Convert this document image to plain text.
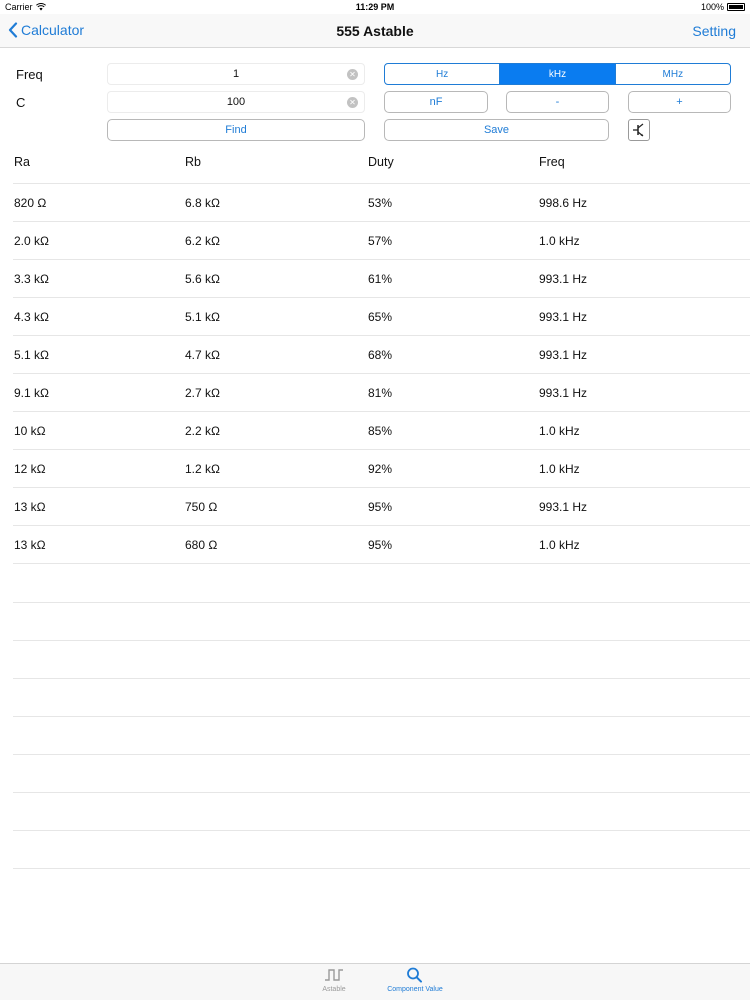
Carrier	11:29 PM	100%
Calculator	555 Astable	Setting
Freq	1	✕
C	100	✕
Hz	kHz	MHz
nF	-	+
Find	Save
Ra	Rb	Duty	Freq
820 Ω	6.8 kΩ	53%	998.6 Hz
2.0 kΩ	6.2 kΩ	57%	1.0 kHz
3.3 kΩ	5.6 kΩ	61%	993.1 Hz
4.3 kΩ	5.1 kΩ	65%	993.1 Hz
5.1 kΩ	4.7 kΩ	68%	993.1 Hz
9.1 kΩ	2.7 kΩ	81%	993.1 Hz
10 kΩ	2.2 kΩ	85%	1.0 kHz
12 kΩ	1.2 kΩ	92%	1.0 kHz
13 kΩ	750 Ω	95%	993.1 Hz
13 kΩ	680 Ω	95%	1.0 kHz
Astable	Component Value
